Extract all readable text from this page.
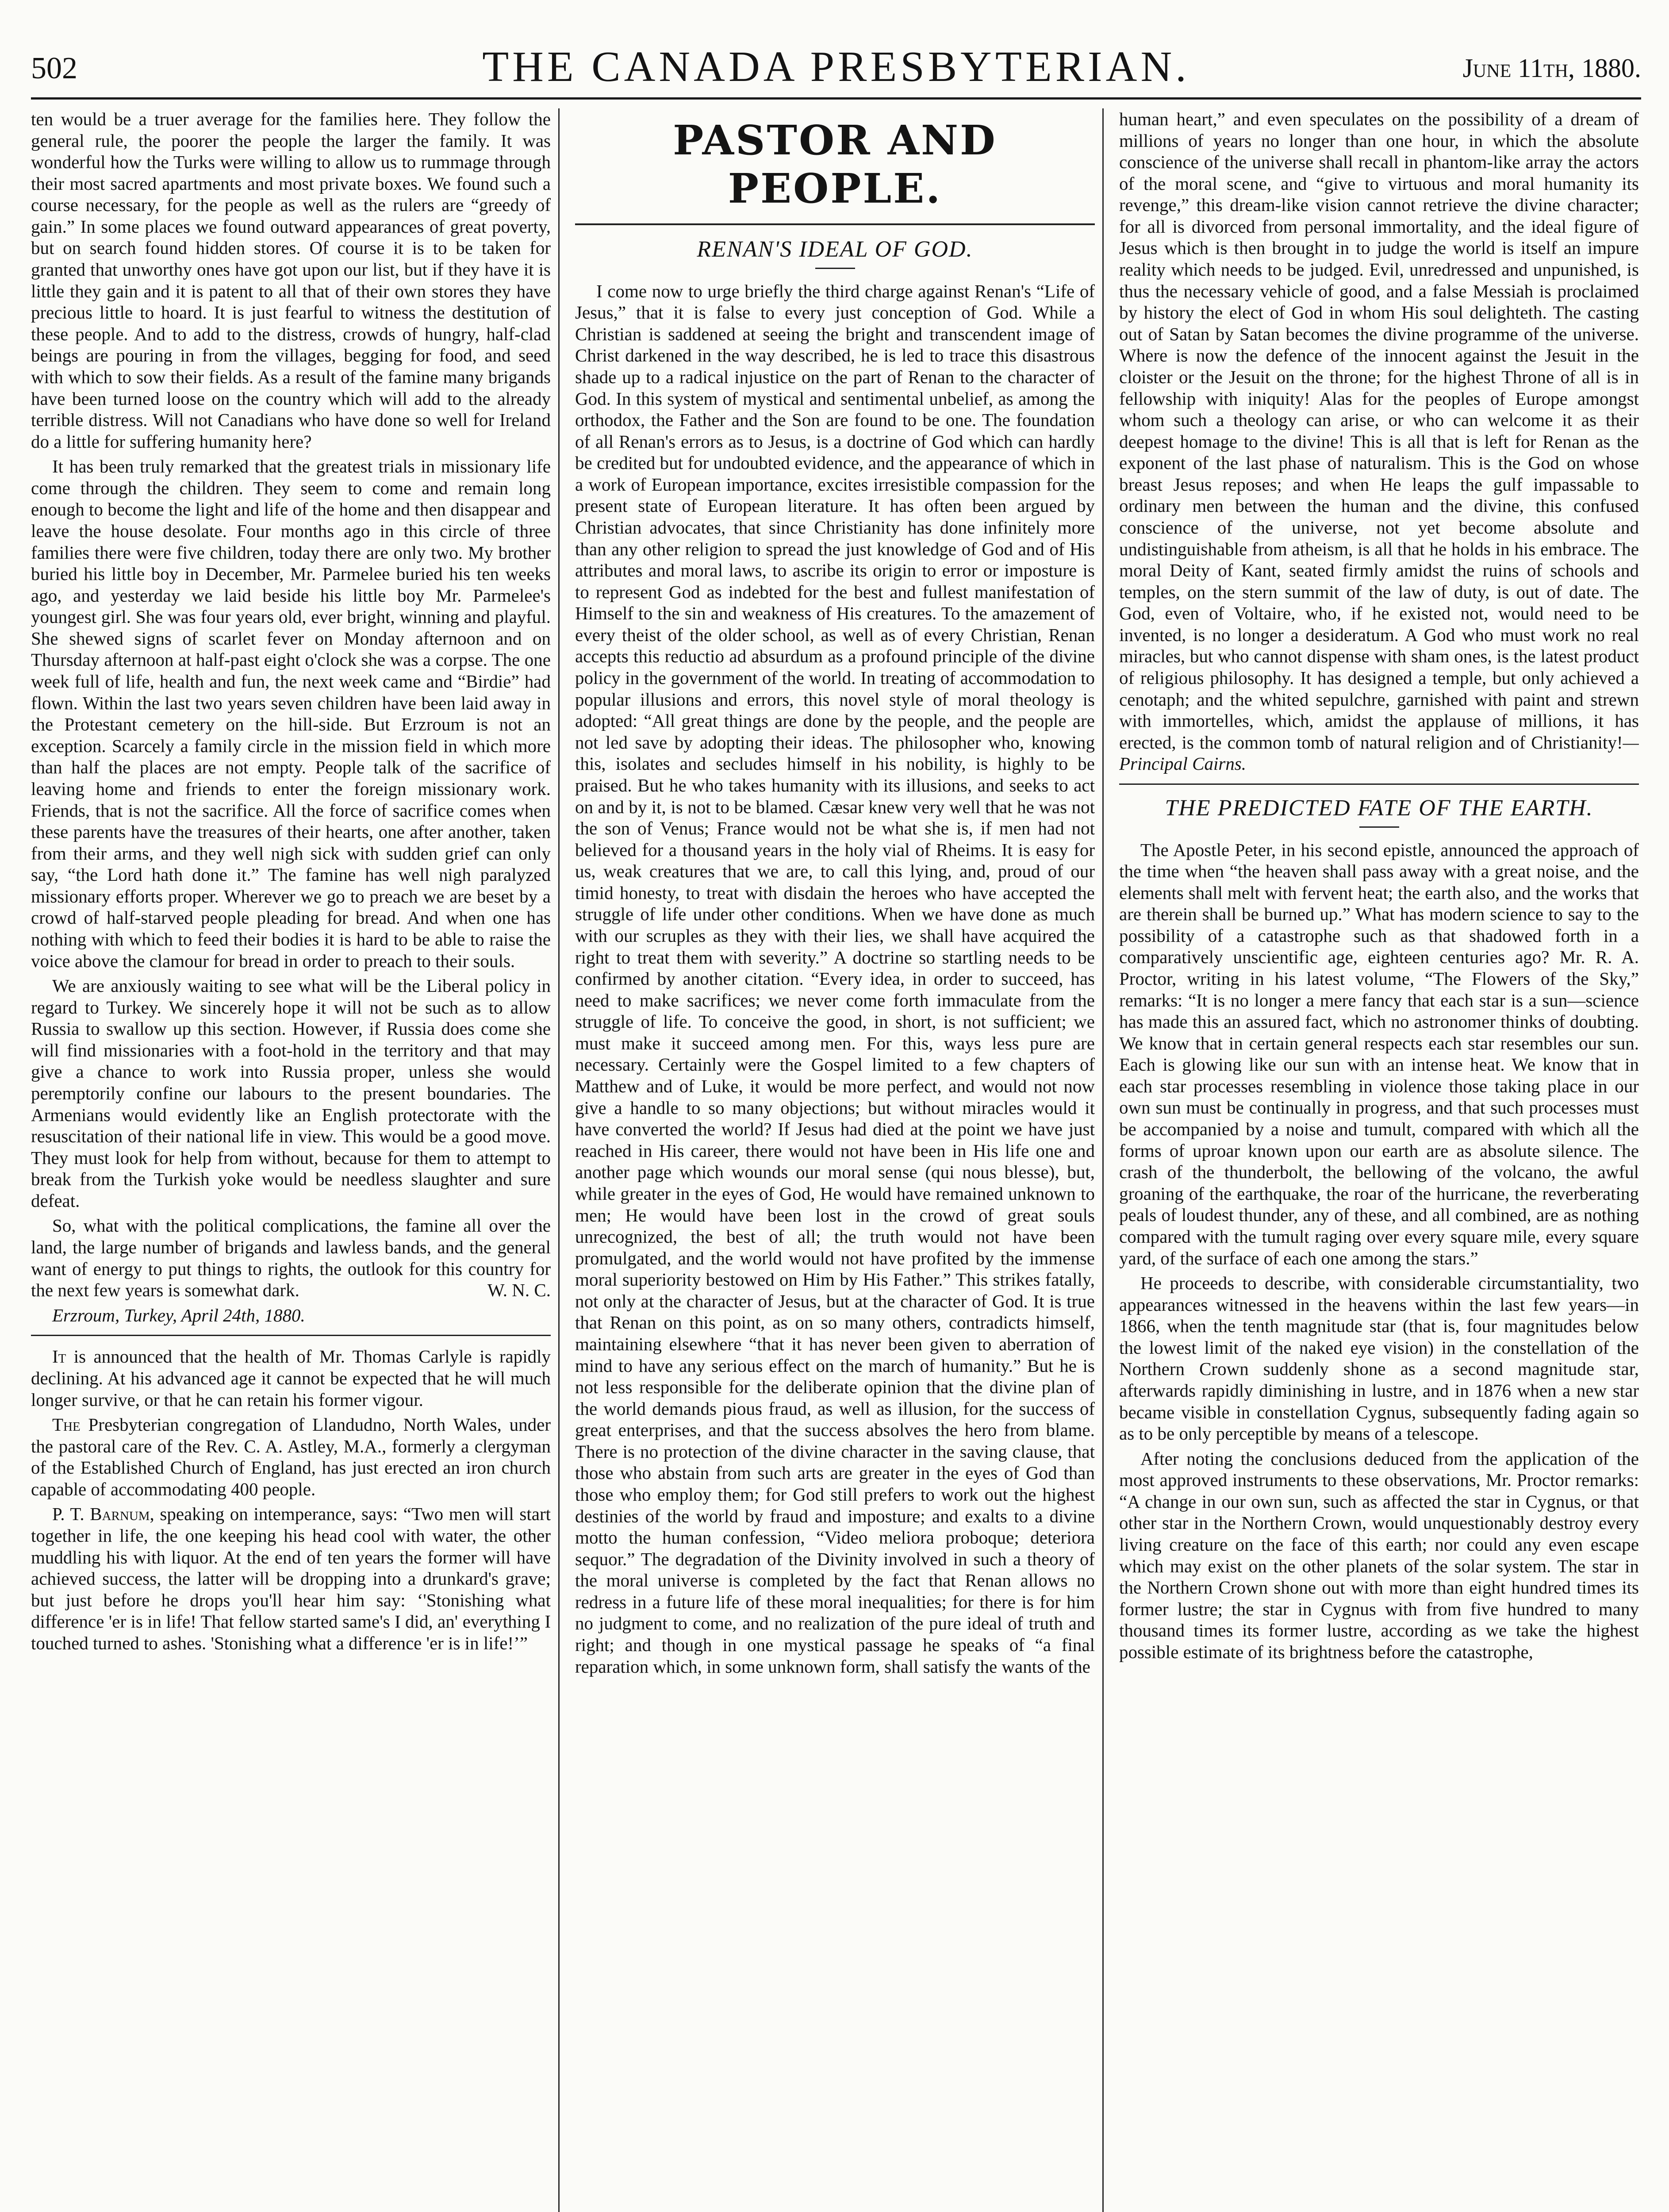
502	THE CANADA PRESBYTERIAN.	June 11th, 1880.

ten would be a truer average for the families here. They follow the general rule, the poorer the people the larger the family. It was wonderful how the Turks were willing to allow us to rummage through their most sacred apartments and most private boxes. We found such a course necessary, for the people as well as the rulers are “greedy of gain.” In some places we found outward appearances of great poverty, but on search found hidden stores. Of course it is to be taken for granted that unworthy ones have got upon our list, but if they have it is little they gain and it is patent to all that of their own stores they have precious little to hoard. It is just fearful to witness the destitution of these people. And to add to the distress, crowds of hungry, half-clad beings are pouring in from the villages, begging for food, and seed with which to sow their fields. As a result of the famine many brigands have been turned loose on the country which will add to the already terrible distress. Will not Canadians who have done so well for Ireland do a little for suffering humanity here?

It has been truly remarked that the greatest trials in missionary life come through the children. They seem to come and remain long enough to become the light and life of the home and then disappear and leave the house desolate. Four months ago in this circle of three families there were five children, today there are only two. My brother buried his little boy in December, Mr. Parmelee buried his ten weeks ago, and yesterday we laid beside his little boy Mr. Parmelee's youngest girl. She was four years old, ever bright, winning and playful. She shewed signs of scarlet fever on Monday afternoon and on Thursday afternoon at half-past eight o'clock she was a corpse. The one week full of life, health and fun, the next week came and “Birdie” had flown. Within the last two years seven children have been laid away in the Protestant cemetery on the hill-side. But Erzroum is not an exception. Scarcely a family circle in the mission field in which more than half the places are not empty. People talk of the sacrifice of leaving home and friends to enter the foreign missionary work. Friends, that is not the sacrifice. All the force of sacrifice comes when these parents have the treasures of their hearts, one after another, taken from their arms, and they well nigh sick with sudden grief can only say, “the Lord hath done it.” The famine has well nigh paralyzed missionary efforts proper. Wherever we go to preach we are beset by a crowd of half-starved people pleading for bread. And when one has nothing with which to feed their bodies it is hard to be able to raise the voice above the clamour for bread in order to preach to their souls.

We are anxiously waiting to see what will be the Liberal policy in regard to Turkey. We sincerely hope it will not be such as to allow Russia to swallow up this section. However, if Russia does come she will find missionaries with a foot-hold in the territory and that may give a chance to work into Russia proper, unless she would peremptorily confine our labours to the present boundaries. The Armenians would evidently like an English protectorate with the resuscitation of their national life in view. This would be a good move. They must look for help from without, because for them to attempt to break from the Turkish yoke would be needless slaughter and sure defeat.

So, what with the political complications, the famine all over the land, the large number of brigands and lawless bands, and the general want of energy to put things to rights, the outlook for this country for the next few years is somewhat dark.	W. N. C.

Erzroum, Turkey, April 24th, 1880.

It is announced that the health of Mr. Thomas Carlyle is rapidly declining. At his advanced age it cannot be expected that he will much longer survive, or that he can retain his former vigour.

The Presbyterian congregation of Llandudno, North Wales, under the pastoral care of the Rev. C. A. Astley, M.A., formerly a clergyman of the Established Church of England, has just erected an iron church capable of accommodating 400 people.

P. T. Barnum, speaking on intemperance, says: “Two men will start together in life, the one keeping his head cool with water, the other muddling his with liquor. At the end of ten years the former will have achieved success, the latter will be dropping into a drunkard's grave; but just before he drops you'll hear him say: ‘'Stonishing what difference 'er is in life! That fellow started same's I did, an' everything I touched turned to ashes. 'Stonishing what a difference 'er is in life!’”

PASTOR AND PEOPLE.
RENAN'S IDEAL OF GOD.

I come now to urge briefly the third charge against Renan's “Life of Jesus,” that it is false to every just conception of God. While a Christian is saddened at seeing the bright and transcendent image of Christ darkened in the way described, he is led to trace this disastrous shade up to a radical injustice on the part of Renan to the character of God. In this system of mystical and sentimental unbelief, as among the orthodox, the Father and the Son are found to be one. The foundation of all Renan's errors as to Jesus, is a doctrine of God which can hardly be credited but for undoubted evidence, and the appearance of which in a work of European importance, excites irresistible compassion for the present state of European literature. It has often been argued by Christian advocates, that since Christianity has done infinitely more than any other religion to spread the just knowledge of God and of His attributes and moral laws, to ascribe its origin to error or imposture is to represent God as indebted for the best and fullest manifestation of Himself to the sin and weakness of His creatures. To the amazement of every theist of the older school, as well as of every Christian, Renan accepts this reductio ad absurdum as a profound principle of the divine policy in the government of the world. In treating of accommodation to popular illusions and errors, this novel style of moral theology is adopted: “All great things are done by the people, and the people are not led save by adopting their ideas. The philosopher who, knowing this, isolates and secludes himself in his nobility, is highly to be praised. But he who takes humanity with its illusions, and seeks to act on and by it, is not to be blamed. Cæsar knew very well that he was not the son of Venus; France would not be what she is, if men had not believed for a thousand years in the holy vial of Rheims. It is easy for us, weak creatures that we are, to call this lying, and, proud of our timid honesty, to treat with disdain the heroes who have accepted the struggle of life under other conditions. When we have done as much with our scruples as they with their lies, we shall have acquired the right to treat them with severity.” A doctrine so startling needs to be confirmed by another citation. “Every idea, in order to succeed, has need to make sacrifices; we never come forth immaculate from the struggle of life. To conceive the good, in short, is not sufficient; we must make it succeed among men. For this, ways less pure are necessary. Certainly were the Gospel limited to a few chapters of Matthew and of Luke, it would be more perfect, and would not now give a handle to so many objections; but without miracles would it have converted the world? If Jesus had died at the point we have just reached in His career, there would not have been in His life one and another page which wounds our moral sense (qui nous blesse), but, while greater in the eyes of God, He would have remained unknown to men; He would have been lost in the crowd of great souls unrecognized, the best of all; the truth would not have been promulgated, and the world would not have profited by the immense moral superiority bestowed on Him by His Father.” This strikes fatally, not only at the character of Jesus, but at the character of God. It is true that Renan on this point, as on so many others, contradicts himself, maintaining elsewhere “that it has never been given to aberration of mind to have any serious effect on the march of humanity.” But he is not less responsible for the deliberate opinion that the divine plan of the world demands pious fraud, as well as illusion, for the success of great enterprises, and that the success absolves the hero from blame. There is no protection of the divine character in the saving clause, that those who abstain from such arts are greater in the eyes of God than those who employ them; for God still prefers to work out the highest destinies of the world by fraud and imposture; and exalts to a divine motto the human confession, “Video meliora proboque; deteriora sequor.” The degradation of the Divinity involved in such a theory of the moral universe is completed by the fact that Renan allows no redress in a future life of these moral inequalities; for there is for him no judgment to come, and no realization of the pure ideal of truth and right; and though in one mystical passage he speaks of “a final reparation which, in some unknown form, shall satisfy the wants of the

human heart,” and even speculates on the possibility of a dream of millions of years no longer than one hour, in which the absolute conscience of the universe shall recall in phantom-like array the actors of the moral scene, and “give to virtuous and moral humanity its revenge,” this dream-like vision cannot retrieve the divine character; for all is divorced from personal immortality, and the ideal figure of Jesus which is then brought in to judge the world is itself an impure reality which needs to be judged. Evil, unredressed and unpunished, is thus the necessary vehicle of good, and a false Messiah is proclaimed by history the elect of God in whom His soul delighteth. The casting out of Satan by Satan becomes the divine programme of the universe. Where is now the defence of the innocent against the Jesuit in the cloister or the Jesuit on the throne; for the highest Throne of all is in fellowship with iniquity! Alas for the peoples of Europe amongst whom such a theology can arise, or who can welcome it as their deepest homage to the divine! This is all that is left for Renan as the exponent of the last phase of naturalism. This is the God on whose breast Jesus reposes; and when He leaps the gulf impassable to ordinary men between the human and the divine, this confused conscience of the universe, not yet become absolute and undistinguishable from atheism, is all that he holds in his embrace. The moral Deity of Kant, seated firmly amidst the ruins of schools and temples, on the stern summit of the law of duty, is out of date. The God, even of Voltaire, who, if he existed not, would need to be invented, is no longer a desideratum. A God who must work no real miracles, but who cannot dispense with sham ones, is the latest product of religious philosophy. It has designed a temple, but only achieved a cenotaph; and the whited sepulchre, garnished with paint and strewn with immortelles, which, amidst the applause of millions, it has erected, is the common tomb of natural religion and of Christianity!—Principal Cairns.

THE PREDICTED FATE OF THE EARTH.

The Apostle Peter, in his second epistle, announced the approach of the time when “the heaven shall pass away with a great noise, and the elements shall melt with fervent heat; the earth also, and the works that are therein shall be burned up.” What has modern science to say to the possibility of a catastrophe such as that shadowed forth in a comparatively unscientific age, eighteen centuries ago? Mr. R. A. Proctor, writing in his latest volume, “The Flowers of the Sky,” remarks: “It is no longer a mere fancy that each star is a sun—science has made this an assured fact, which no astronomer thinks of doubting. We know that in certain general respects each star resembles our sun. Each is glowing like our sun with an intense heat. We know that in each star processes resembling in violence those taking place in our own sun must be continually in progress, and that such processes must be accompanied by a noise and tumult, compared with which all the forms of uproar known upon our earth are as absolute silence. The crash of the thunderbolt, the bellowing of the volcano, the awful groaning of the earthquake, the roar of the hurricane, the reverberating peals of loudest thunder, any of these, and all combined, are as nothing compared with the tumult raging over every square mile, every square yard, of the surface of each one among the stars.”

He proceeds to describe, with considerable circumstantiality, two appearances witnessed in the heavens within the last few years—in 1866, when the tenth magnitude star (that is, four magnitudes below the lowest limit of the naked eye vision) in the constellation of the Northern Crown suddenly shone as a second magnitude star, afterwards rapidly diminishing in lustre, and in 1876 when a new star became visible in constellation Cygnus, subsequently fading again so as to be only perceptible by means of a telescope.

After noting the conclusions deduced from the application of the most approved instruments to these observations, Mr. Proctor remarks: “A change in our own sun, such as affected the star in Cygnus, or that other star in the Northern Crown, would unquestionably destroy every living creature on the face of this earth; nor could any even escape which may exist on the other planets of the solar system. The star in the Northern Crown shone out with more than eight hundred times its former lustre; the star in Cygnus with from five hundred to many thousand times its former lustre, according as we take the highest possible estimate of its brightness before the catastrophe,
